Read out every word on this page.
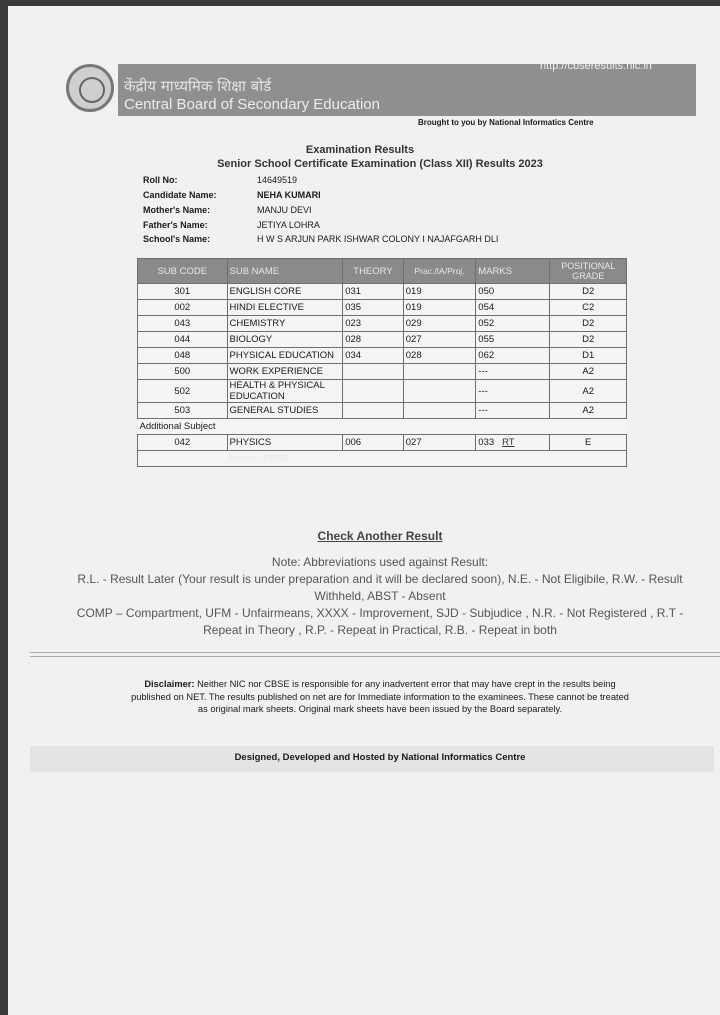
http://cbseresults.nic.in
केंद्रीय माध्यमिक शिक्षा बोर्ड
Central Board of Secondary Education
Brought to you by National Informatics Centre
Examination Results
Senior School Certificate Examination (Class XII) Results 2023
Roll No:	14649519
Candidate Name:	NEHA KUMARI
Mother's Name:	MANJU DEVI
Father's Name:	JETIYA LOHRA
School's Name:	H W S ARJUN PARK ISHWAR COLONY I NAJAFGARH DLI
SUB CODE	SUB NAME	THEORY	Prac./IA/Proj.	MARKS	POSITIONAL GRADE
301	ENGLISH CORE	031	019	050	D2
002	HINDI ELECTIVE	035	019	054	C2
043	CHEMISTRY	023	029	052	D2
044	BIOLOGY	028	027	055	D2
048	PHYSICAL EDUCATION	034	028	062	D1
500	WORK EXPERIENCE			---	A2
502	HEALTH & PHYSICAL EDUCATION			---	A2
503	GENERAL STUDIES			---	A2
Additional Subject					
042	PHYSICS	006	027	033 RT	E
	Result : PASS				
Check Another Result
Note: Abbreviations used against Result:
R.L. - Result Later (Your result is under preparation and it will be declared soon), N.E. - Not Eligibile, R.W. - Result Withheld, ABST - Absent
COMP – Compartment, UFM - Unfairmeans, XXXX - Improvement, SJD - Subjudice , N.R. - Not Registered , R.T - Repeat in Theory , R.P. - Repeat in Practical, R.B. - Repeat in both
Disclaimer: Neither NIC nor CBSE is responsible for any inadvertent error that may have crept in the results being published on NET. The results published on net are for Immediate information to the examinees. These cannot be treated as original mark sheets. Original mark sheets have been issued by the Board separately.
Designed, Developed and Hosted by National Informatics Centre
